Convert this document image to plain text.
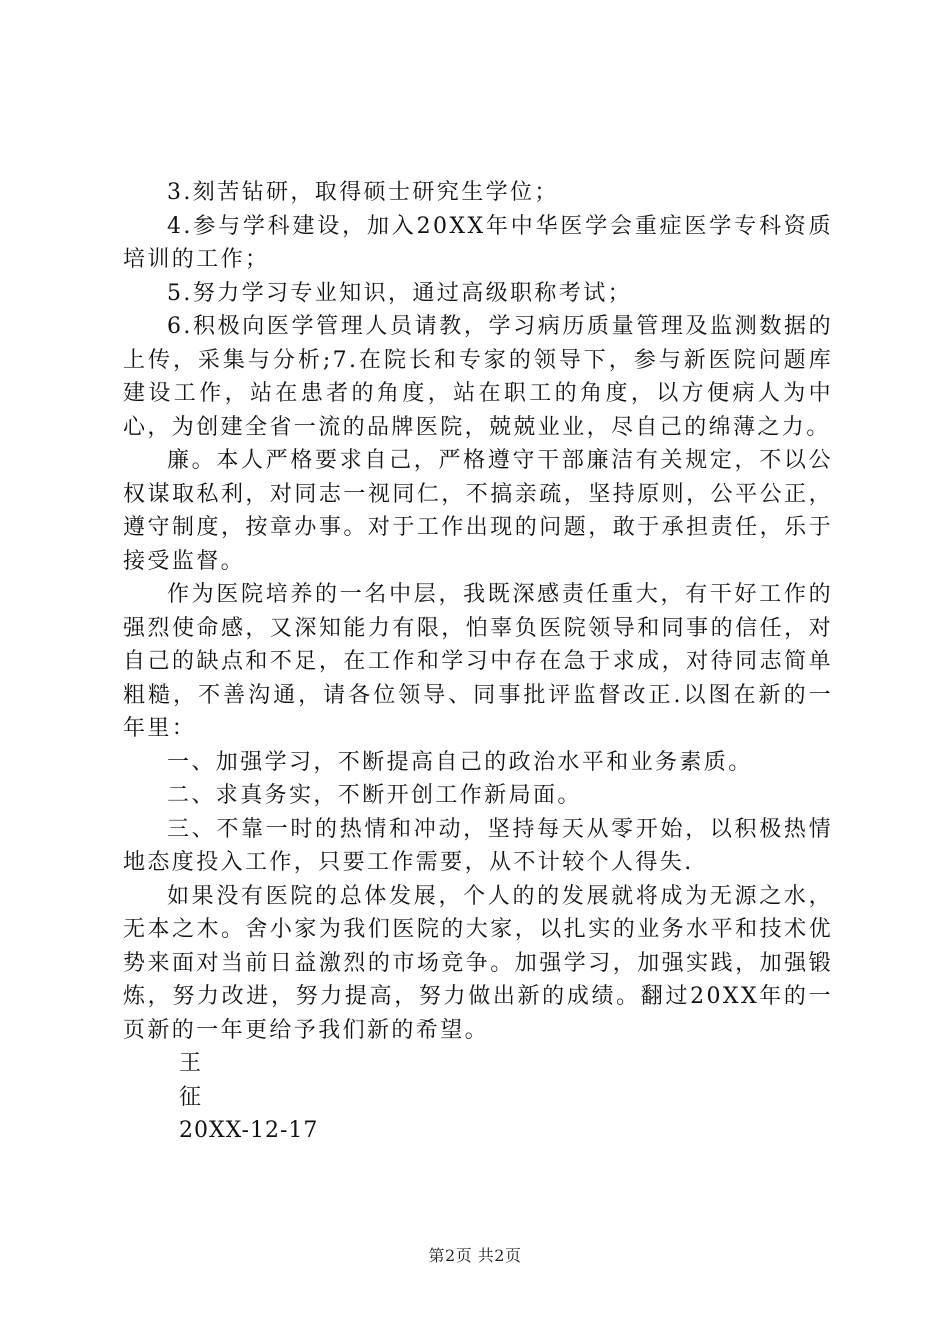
3.刻苦钻研，取得硕士研究生学位；

4.参与学科建设，加入20XX年中华医学会重症医学专科资质培训的工作；

5.努力学习专业知识，通过高级职称考试；

6.积极向医学管理人员请教，学习病历质量管理及监测数据的上传，采集与分析;7.在院长和专家的领导下，参与新医院问题库建设工作，站在患者的角度，站在职工的角度，以方便病人为中心，为创建全省一流的品牌医院，兢兢业业，尽自己的绵薄之力。

廉。本人严格要求自己，严格遵守干部廉洁有关规定，不以公权谋取私利，对同志一视同仁，不搞亲疏，坚持原则，公平公正，遵守制度，按章办事。对于工作出现的问题，敢于承担责任，乐于接受监督。

作为医院培养的一名中层，我既深感责任重大，有干好工作的强烈使命感，又深知能力有限，怕辜负医院领导和同事的信任，对自己的缺点和不足，在工作和学习中存在急于求成，对待同志简单粗糙，不善沟通，请各位领导、同事批评监督改正.以图在新的一年里：

一、加强学习，不断提高自己的政治水平和业务素质。

二、求真务实，不断开创工作新局面。

三、不靠一时的热情和冲动，坚持每天从零开始，以积极热情地态度投入工作，只要工作需要，从不计较个人得失.

如果没有医院的总体发展，个人的的发展就将成为无源之水，无本之木。舍小家为我们医院的大家，以扎实的业务水平和技术优势来面对当前日益激烈的市场竞争。加强学习，加强实践，加强锻炼，努力改进，努力提高，努力做出新的成绩。翻过20XX年的一页新的一年更给予我们新的希望。

王

征

20XX-12-17

第2页 共2页
